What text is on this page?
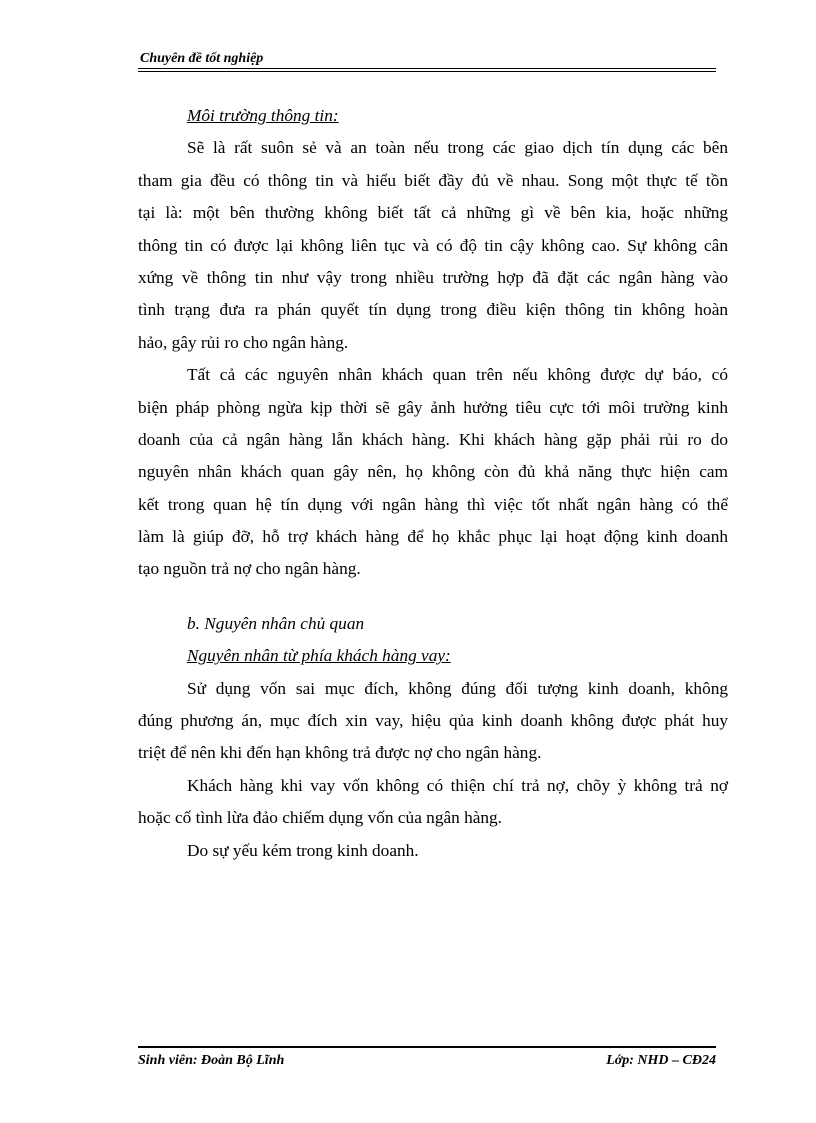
Chuyên đề tốt nghiệp
Môi trường thông tin:
Sẽ là rất suôn sẻ và an toàn nếu trong các giao dịch tín dụng các bên
tham gia đều có thông tin và hiểu biết đầy đủ về nhau. Song một thực tế tồn
tại là: một bên thường không biết tất cả những gì về bên kia, hoặc những
thông tin có được lại không liên tục và có độ tin cậy không cao. Sự không cân
xứng về thông tin như vậy trong nhiều trường hợp đã đặt các ngân hàng vào
tình trạng đưa ra phán quyết tín dụng trong điều kiện thông tin không hoàn
hảo, gây rủi ro cho ngân hàng.
Tất cả các nguyên nhân khách quan trên nếu không được dự báo, có
biện pháp phòng ngừa kịp thời sẽ gây ảnh hưởng tiêu cực tới môi trường kinh
doanh của cả ngân hàng lẫn khách hàng. Khi khách hàng gặp phải rủi ro do
nguyên nhân khách quan gây nên, họ không còn đủ khả năng thực hiện cam
kết trong quan hệ tín dụng với ngân hàng thì việc tốt nhất ngân hàng có thể
làm là giúp đỡ, hỗ trợ khách hàng để họ khắc phục lại hoạt động kinh doanh
tạo nguồn trả nợ cho ngân hàng.
b. Nguyên nhân chủ quan
Nguyên nhân từ phía khách hàng vay:
Sử dụng vốn sai mục đích, không đúng đối tượng kinh doanh, không
đúng phương án, mục đích xin vay, hiệu qủa kinh doanh không được phát huy
triệt để nên khi đến hạn không trả được nợ cho ngân hàng.
Khách hàng khi vay vốn không có thiện chí trả nợ, chõy ỳ không trả nợ
hoặc cố tình lừa đảo chiếm dụng vốn của ngân hàng.
Do sự yếu kém trong kinh doanh.
Sinh viên: Đoàn Bộ Lĩnh	Lớp: NHD – CĐ24
